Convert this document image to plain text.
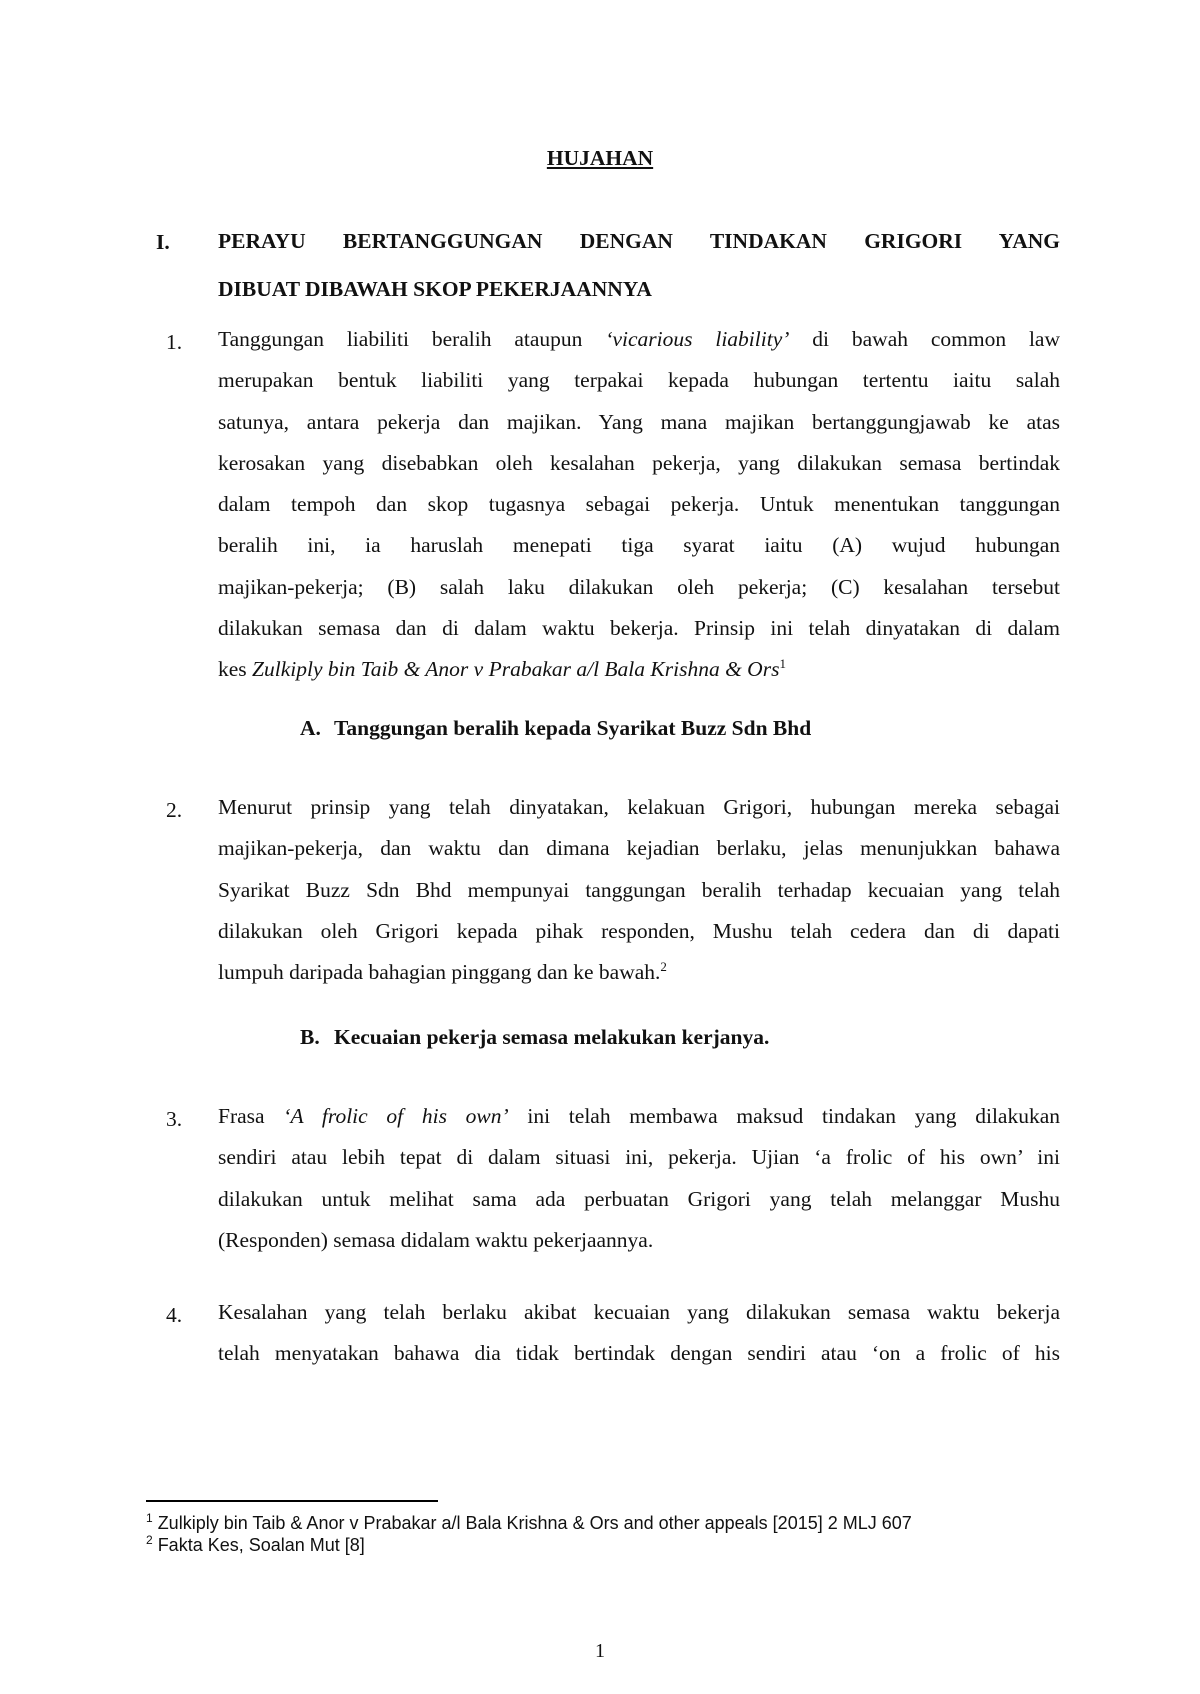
HUJAHAN
I. PERAYU BERTANGGUNGAN DENGAN TINDAKAN GRIGORI YANG
DIBUAT DIBAWAH SKOP PEKERJAANNYA
1. Tanggungan liabiliti beralih ataupun ‘vicarious liability’ di bawah common law
merupakan bentuk liabiliti yang terpakai kepada hubungan tertentu iaitu salah
satunya, antara pekerja dan majikan. Yang mana majikan bertanggungjawab ke atas
kerosakan yang disebabkan oleh kesalahan pekerja, yang dilakukan semasa bertindak
dalam tempoh dan skop tugasnya sebagai pekerja. Untuk menentukan tanggungan
beralih ini, ia haruslah menepati tiga syarat iaitu (A) wujud hubungan
majikan-pekerja; (B) salah laku dilakukan oleh pekerja; (C) kesalahan tersebut
dilakukan semasa dan di dalam waktu bekerja. Prinsip ini telah dinyatakan di dalam
kes Zulkiply bin Taib & Anor v Prabakar a/l Bala Krishna & Ors$^1$
A. Tanggungan beralih kepada Syarikat Buzz Sdn Bhd
2. Menurut prinsip yang telah dinyatakan, kelakuan Grigori, hubungan mereka sebagai
majikan-pekerja, dan waktu dan dimana kejadian berlaku, jelas menunjukkan bahawa
Syarikat Buzz Sdn Bhd mempunyai tanggungan beralih terhadap kecuaian yang telah
dilakukan oleh Grigori kepada pihak responden, Mushu telah cedera dan di dapati
lumpuh daripada bahagian pinggang dan ke bawah.$^2$
B. Kecuaian pekerja semasa melakukan kerjanya.
3. Frasa ‘A frolic of his own’ ini telah membawa maksud tindakan yang dilakukan
sendiri atau lebih tepat di dalam situasi ini, pekerja. Ujian ‘a frolic of his own’ ini
dilakukan untuk melihat sama ada perbuatan Grigori yang telah melanggar Mushu
(Responden) semasa didalam waktu pekerjaannya.
4. Kesalahan yang telah berlaku akibat kecuaian yang dilakukan semasa waktu bekerja
telah menyatakan bahawa dia tidak bertindak dengan sendiri atau ‘on a frolic of his
$^1$ Zulkiply bin Taib & Anor v Prabakar a/l Bala Krishna & Ors and other appeals [2015] 2 MLJ 607
$^2$ Fakta Kes, Soalan Mut [8]
1
